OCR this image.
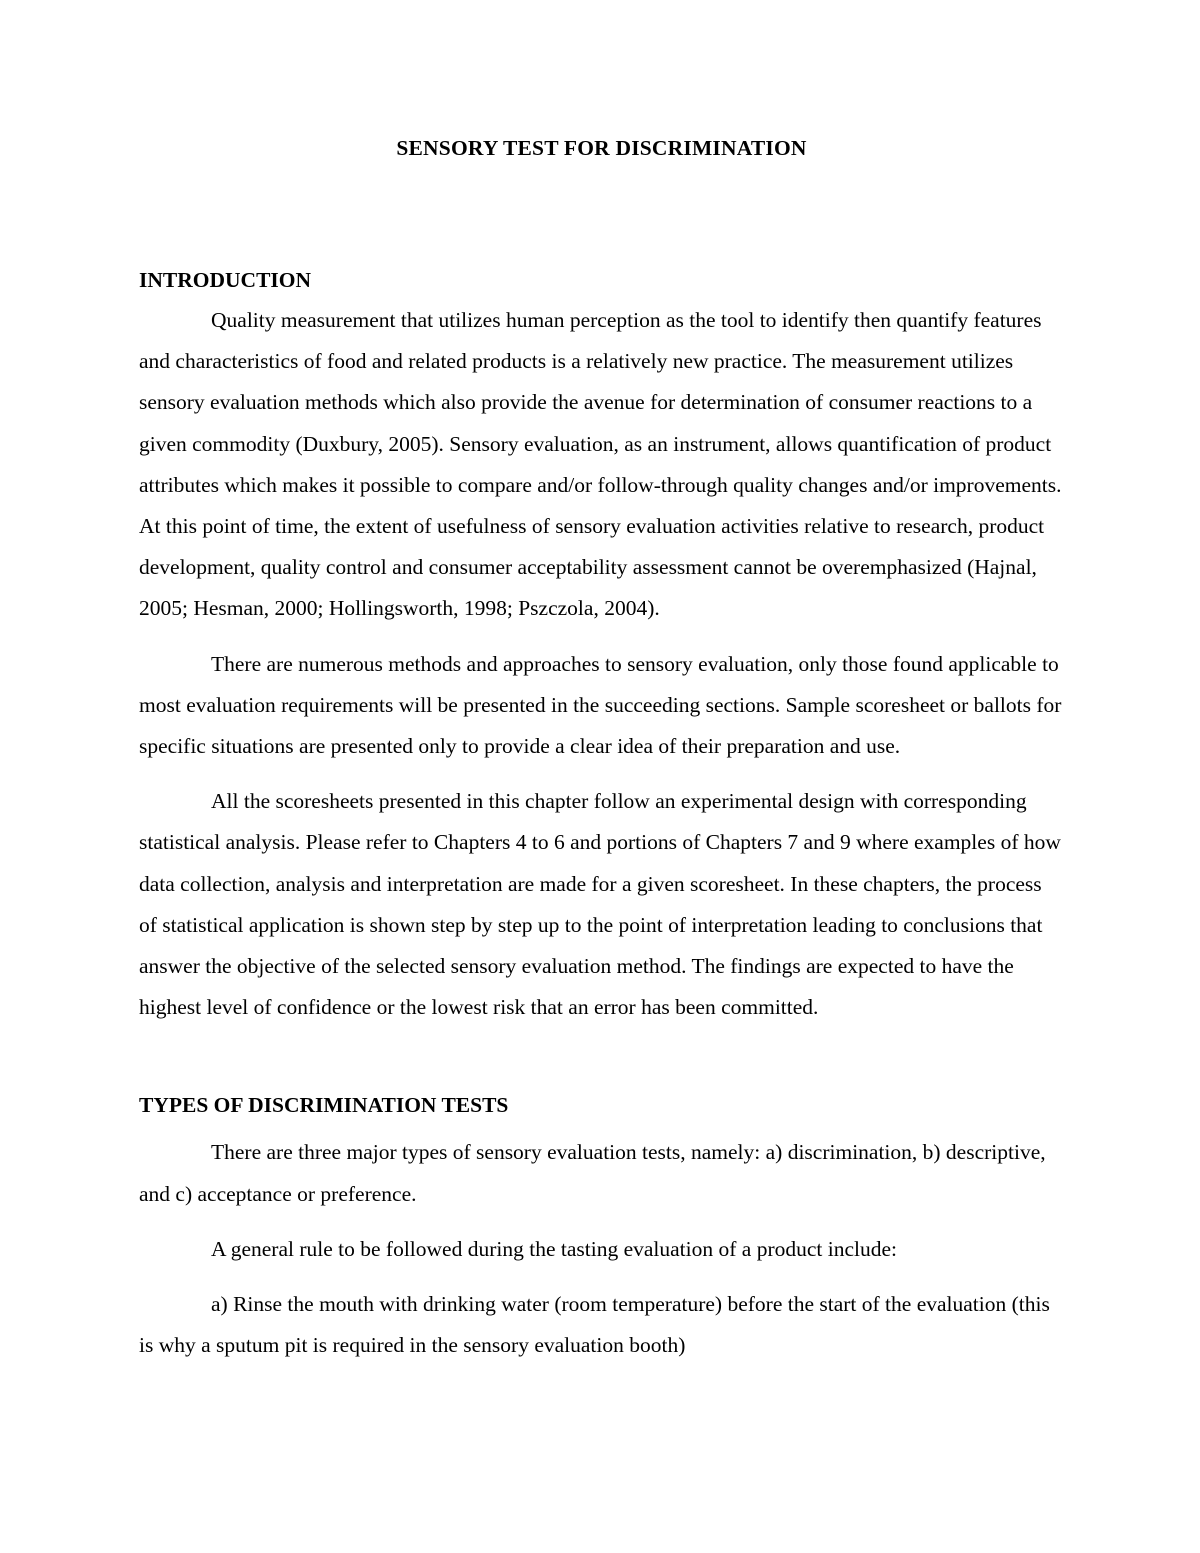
SENSORY TEST FOR DISCRIMINATION
INTRODUCTION

Quality measurement that utilizes human perception as the tool to identify then quantify features and characteristics of food and related products is a relatively new practice. The measurement utilizes sensory evaluation methods which also provide the avenue for determination of consumer reactions to a given commodity (Duxbury, 2005). Sensory evaluation, as an instrument, allows quantification of product attributes which makes it possible to compare and/or follow-through quality changes and/or improvements. At this point of time, the extent of usefulness of sensory evaluation activities relative to research, product development, quality control and consumer acceptability assessment cannot be overemphasized (Hajnal, 2005; Hesman, 2000; Hollingsworth, 1998; Pszczola, 2004).

There are numerous methods and approaches to sensory evaluation, only those found applicable to most evaluation requirements will be presented in the succeeding sections. Sample scoresheet or ballots for specific situations are presented only to provide a clear idea of their preparation and use.

All the scoresheets presented in this chapter follow an experimental design with corresponding statistical analysis. Please refer to Chapters 4 to 6 and portions of Chapters 7 and 9 where examples of how data collection, analysis and interpretation are made for a given scoresheet. In these chapters, the process of statistical application is shown step by step up to the point of interpretation leading to conclusions that answer the objective of the selected sensory evaluation method. The findings are expected to have the highest level of confidence or the lowest risk that an error has been committed.

TYPES OF DISCRIMINATION TESTS

There are three major types of sensory evaluation tests, namely: a) discrimination, b) descriptive, and c) acceptance or preference.

A general rule to be followed during the tasting evaluation of a product include:

a) Rinse the mouth with drinking water (room temperature) before the start of the evaluation (this is why a sputum pit is required in the sensory evaluation booth)
